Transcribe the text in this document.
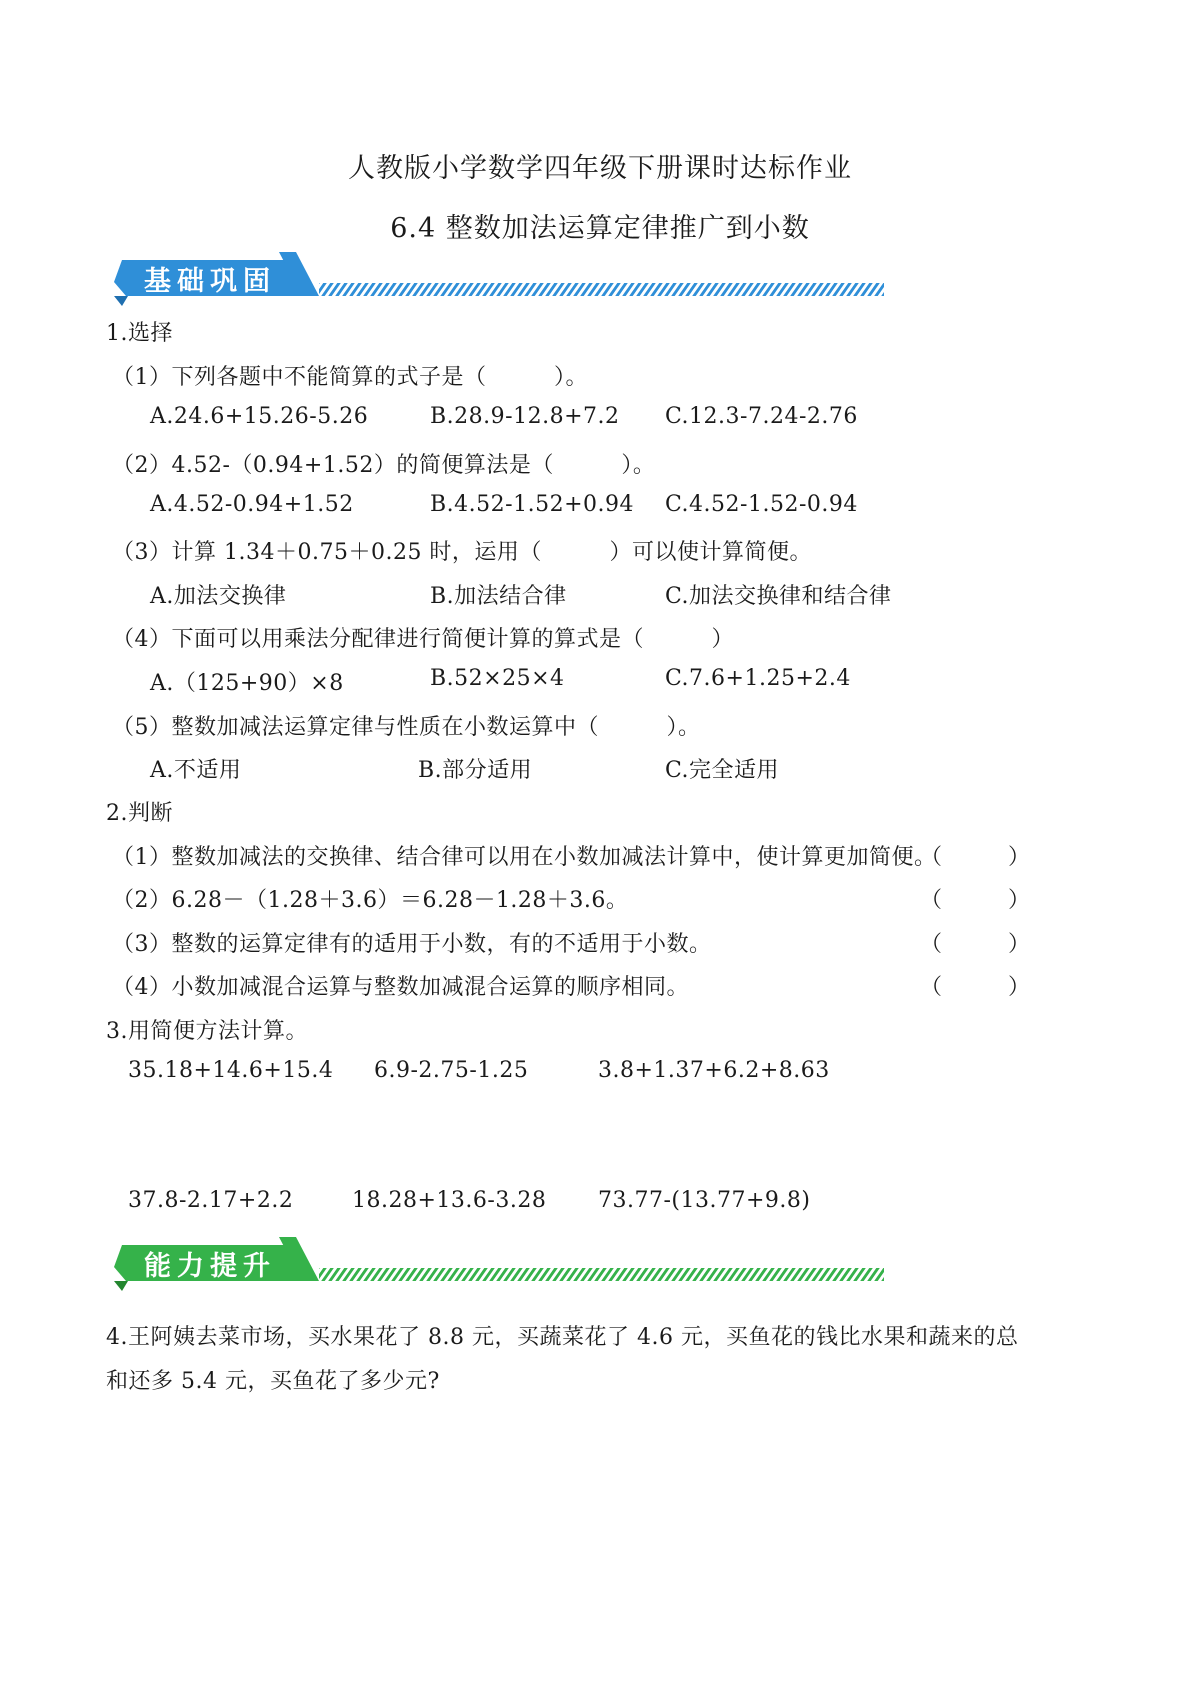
人教版小学数学四年级下册课时达标作业
6.4 整数加法运算定律推广到小数
基础巩固
1.选择
（1）下列各题中不能简算的式子是（　　　）。
A.24.6+15.26-5.26	B.28.9-12.8+7.2 C.12.3-7.24-2.76
（2）4.52-（0.94+1.52）的简便算法是（　　　）。
A.4.52-0.94+1.52	B.4.52-1.52+0.94 C.4.52-1.52-0.94
（3）计算 1.34＋0.75＋0.25 时，运用（　　　）可以使计算简便。
A.加法交换律	B.加法结合律	C.加法交换律和结合律
（4）下面可以用乘法分配律进行简便计算的算式是（　　　）
A.（125+90）×8	B.52×25×4	C.7.6+1.25+2.4
（5）整数加减法运算定律与性质在小数运算中（　　　）。
A.不适用	B.部分适用	C.完全适用
2.判断
（1）整数加减法的交换律、结合律可以用在小数加减法计算中，使计算更加简便。
（　　　）
（2）6.28－（1.28＋3.6）＝6.28－1.28＋3.6。	（　　　）
（3）整数的运算定律有的适用于小数，有的不适用于小数。	（　　　）
（4）小数加减混合运算与整数加减混合运算的顺序相同。	（　　　）
3.用简便方法计算。
35.18+14.6+15.4 6.9-2.75-1.25	3.8+1.37+6.2+8.63
37.8-2.17+2.2	18.28+13.6-3.28 73.77-(13.77+9.8)
能力提升
4.王阿姨去菜市场，买水果花了 8.8 元，买蔬菜花了 4.6 元，买鱼花的钱比水果和蔬来的总
和还多 5.4 元，买鱼花了多少元?
